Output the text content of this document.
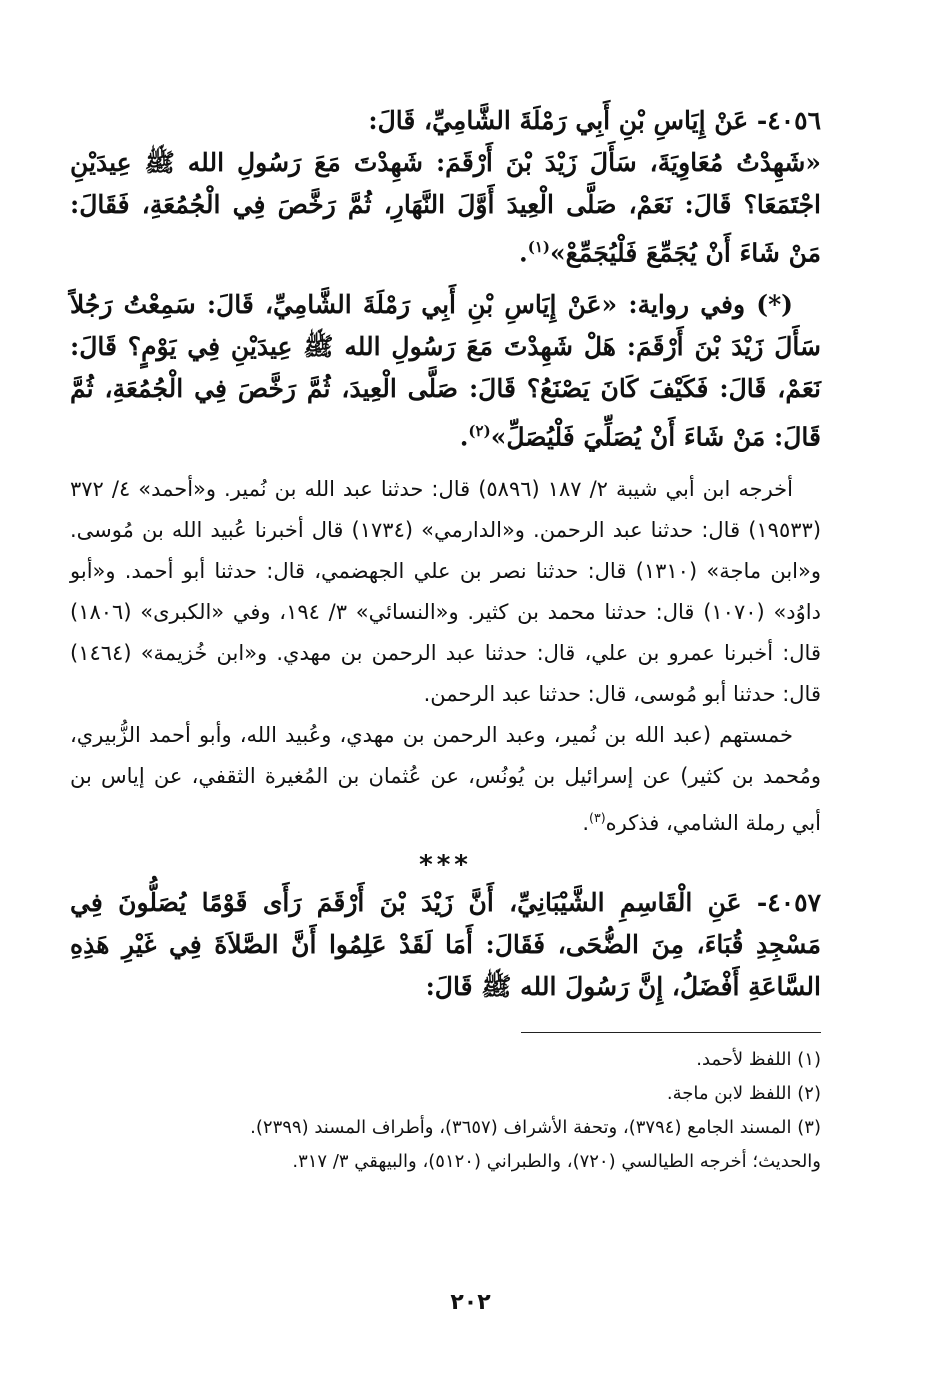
٤٠٥٦- عَنْ إِيَاسِ بْنِ أَبِي رَمْلَةَ الشَّامِيِّ، قَالَ:
«شَهِدْتُ مُعَاوِيَةَ، سَأَلَ زَيْدَ بْنَ أَرْقَمَ: شَهِدْتَ مَعَ رَسُولِ الله ﷺ عِيدَيْنِ اجْتَمَعَا؟ قَالَ: نَعَمْ، صَلَّى الْعِيدَ أَوَّلَ النَّهَارِ، ثُمَّ رَخَّصَ فِي الْجُمُعَةِ، فَقَالَ: مَنْ شَاءَ أَنْ يُجَمِّعَ فَلْيُجَمِّعْ»$^{(١)}$.

(*) وفي رواية: «عَنْ إِيَاسِ بْنِ أَبِي رَمْلَةَ الشَّامِيِّ، قَالَ: سَمِعْتُ رَجُلاً سَأَلَ زَيْدَ بْنَ أَرْقَمَ: هَلْ شَهِدْتَ مَعَ رَسُولِ الله ﷺ عِيدَيْنِ فِي يَوْمٍ؟ قَالَ: نَعَمْ، قَالَ: فَكَيْفَ كَانَ يَصْنَعُ؟ قَالَ: صَلَّى الْعِيدَ، ثُمَّ رَخَّصَ فِي الْجُمُعَةِ، ثُمَّ قَالَ: مَنْ شَاءَ أَنْ يُصَلِّيَ فَلْيُصَلِّ»$^{(٢)}$.

أخرجه ابن أبي شيبة ٢/ ١٨٧ (٥٨٩٦) قال: حدثنا عبد الله بن نُمير. و«أحمد» ٤/ ٣٧٢ (١٩٥٣٣) قال: حدثنا عبد الرحمن. و«الدارمي» (١٧٣٤) قال أخبرنا عُبيد الله بن مُوسى. و«ابن ماجة» (١٣١٠) قال: حدثنا نصر بن علي الجهضمي، قال: حدثنا أبو أحمد. و«أبو داوُد» (١٠٧٠) قال: حدثنا محمد بن كثير. و«النسائي» ٣/ ١٩٤، وفي «الكبرى» (١٨٠٦) قال: أخبرنا عمرو بن علي، قال: حدثنا عبد الرحمن بن مهدي. و«ابن خُزيمة» (١٤٦٤) قال: حدثنا أبو مُوسى، قال: حدثنا عبد الرحمن.

خمستهم (عبد الله بن نُمير، وعبد الرحمن بن مهدي، وعُبيد الله، وأبو أحمد الزُّبيري، ومُحمد بن كثير) عن إسرائيل بن يُونُس، عن عُثمان بن المُغيرة الثقفي، عن إياس بن أبي رملة الشامي، فذكره$^{(٣)}$.

***

٤٠٥٧- عَنِ الْقَاسِمِ الشَّيْبَانِيِّ، أَنَّ زَيْدَ بْنَ أَرْقَمَ رَأَى قَوْمًا يُصَلُّونَ فِي مَسْجِدِ قُبَاءَ، مِنَ الضُّحَى، فَقَالَ: أَمَا لَقَدْ عَلِمُوا أَنَّ الصَّلاَةَ فِي غَيْرِ هَذِهِ السَّاعَةِ أَفْضَلُ، إِنَّ رَسُولَ الله ﷺ قَالَ:

(١) اللفظ لأحمد.

(٢) اللفظ لابن ماجة.

(٣) المسند الجامع (٣٧٩٤)، وتحفة الأشراف (٣٦٥٧)، وأطراف المسند (٢٣٩٩).

والحديث؛ أخرجه الطيالسي (٧٢٠)، والطبراني (٥١٢٠)، والبيهقي ٣/ ٣١٧.

٢٠٢
